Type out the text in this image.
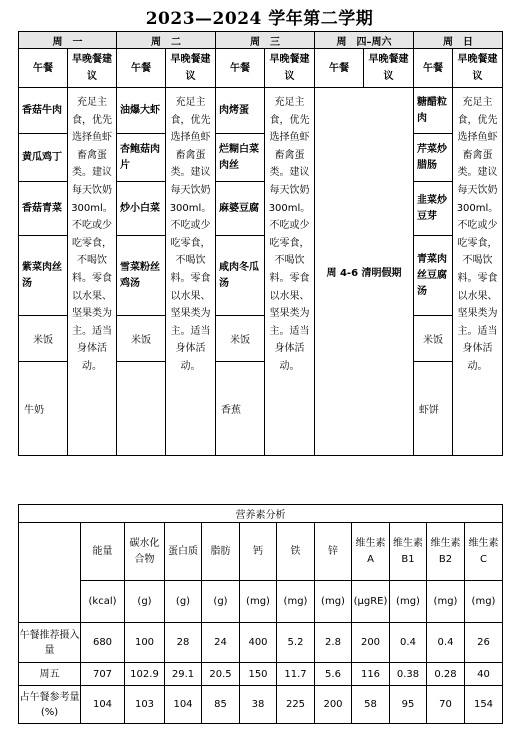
2023—2024 学年第二学期
周　一		周　二		周　三		周　四–周六		周　日	
午餐	早晚餐建议	午餐	早晚餐建议	午餐	早晚餐建议	午餐	早晚餐建议	午餐	早晚餐建议
香菇牛肉	充足主食，优先选择鱼虾畜禽蛋类。建议每天饮奶300ml。不吃或少吃零食，不喝饮料。零食以水果、坚果类为主。适当身体活动。	油爆大虾	充足主食，优先选择鱼虾畜禽蛋类。建议每天饮奶300ml。不吃或少吃零食，不喝饮料。零食以水果、坚果类为主。适当身体活动。	肉烤蛋	充足主食，优先选择鱼虾畜禽蛋类。建议每天饮奶300ml。不吃或少吃零食，不喝饮料。零食以水果、坚果类为主。适当身体活动。	周 4-6 清明假期		糖醋粒肉	充足主食，优先选择鱼虾畜禽蛋类。建议每天饮奶300ml。不吃或少吃零食，不喝饮料。零食以水果、坚果类为主。适当身体活动。
黄瓜鸡丁		杏鲍菇肉片		烂糊白菜肉丝				芹菜炒腊肠	
香菇青菜		炒小白菜		麻婆豆腐				韭菜炒豆芽	
紫菜肉丝汤		雪菜粉丝鸡汤		咸肉冬瓜汤				青菜肉丝豆腐汤	
米饭		米饭		米饭				米饭	
牛奶				香蕉				虾饼	
营养素分析											
	能量	碳水化合物	蛋白质	脂肪	钙	铁	锌	维生素 A	维生素 B1	维生素 B2	维生素 C
	(kcal)	(g)	(g)	(g)	(mg)	(mg)	(mg)	(μgRE)	(mg)	(mg)	(mg)
午餐推荐摄入量	680	100	28	24	400	5.2	2.8	200	0.4	0.4	26
周五	707	102.9	29.1	20.5	150	11.7	5.6	116	0.38	0.28	40
占午餐参考量(%)	104	103	104	85	38	225	200	58	95	70	154
